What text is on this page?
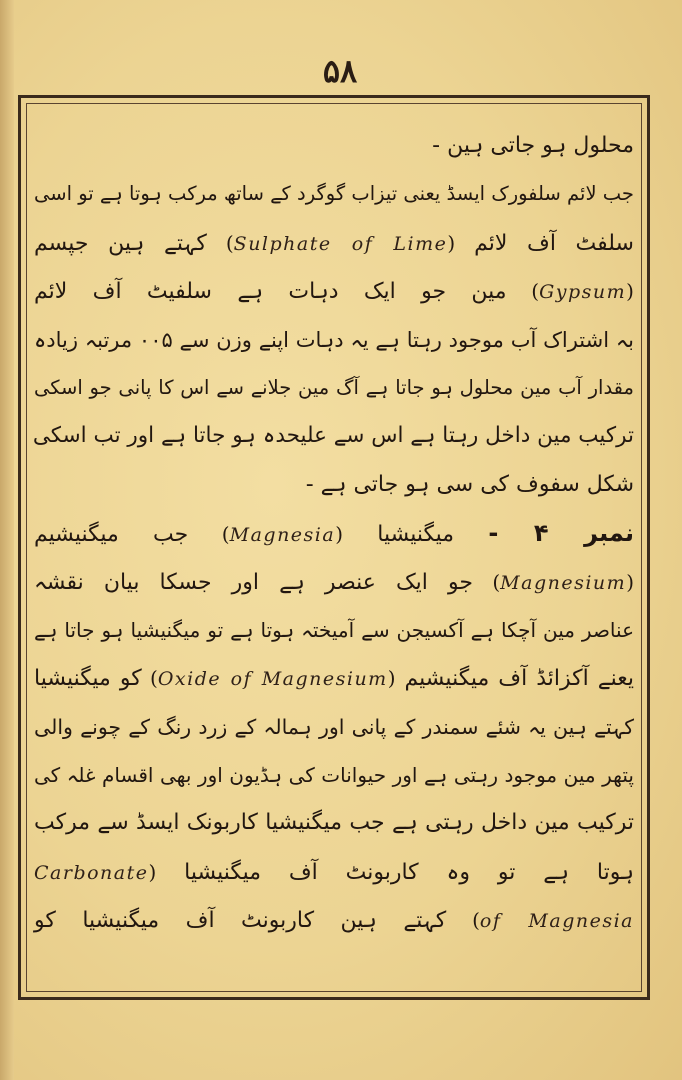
۵۸
محلول ہو جاتی ہین -
جب لائم سلفورک ایسڈ یعنی تیزاب گوگرد کے ساتھ مرکب ہوتا ہے تو اسی
سلفٹ آف لائم (Sulphate of Lime) کہتے ہین جپسم
(Gypsum) مین جو ایک دہات ہے سلفیٹ آف لائم
بہ اشتراک آب موجود رہتا ہے یہ دہات اپنے وزن سے ۰۰۵ مرتبہ زیادہ
مقدار آب مین محلول ہو جاتا ہے آگ مین جلانے سے اس کا پانی جو اسکی
ترکیب مین داخل رہتا ہے اس سے علیحدہ ہو جاتا ہے اور تب اسکی
شکل سفوف کی سی ہو جاتی ہے -
نمبر ۴ - میگنیشیا (Magnesia) جب میگنیشیم
(Magnesium) جو ایک عنصر ہے اور جسکا بیان نقشہ
عناصر مین آچکا ہے آکسیجن سے آمیختہ ہوتا ہے تو میگنیشیا ہو جاتا ہے
یعنے آکزائڈ آف میگنیشیم (Oxide of Magnesium) کو میگنیشیا
کہتے ہین یہ شئے سمندر کے پانی اور ہمالہ کے زرد رنگ کے چونے والی
پتھر مین موجود رہتی ہے اور حیوانات کی ہڈیون اور بھی اقسام غلہ کی
ترکیب مین داخل رہتی ہے جب میگنیشیا کاربونک ایسڈ سے مرکب
ہوتا ہے تو وہ کاربونٹ آف میگنیشیا (Carbonate
of Magnesia) کہتے ہین کاربونٹ آف میگنیشیا کو
